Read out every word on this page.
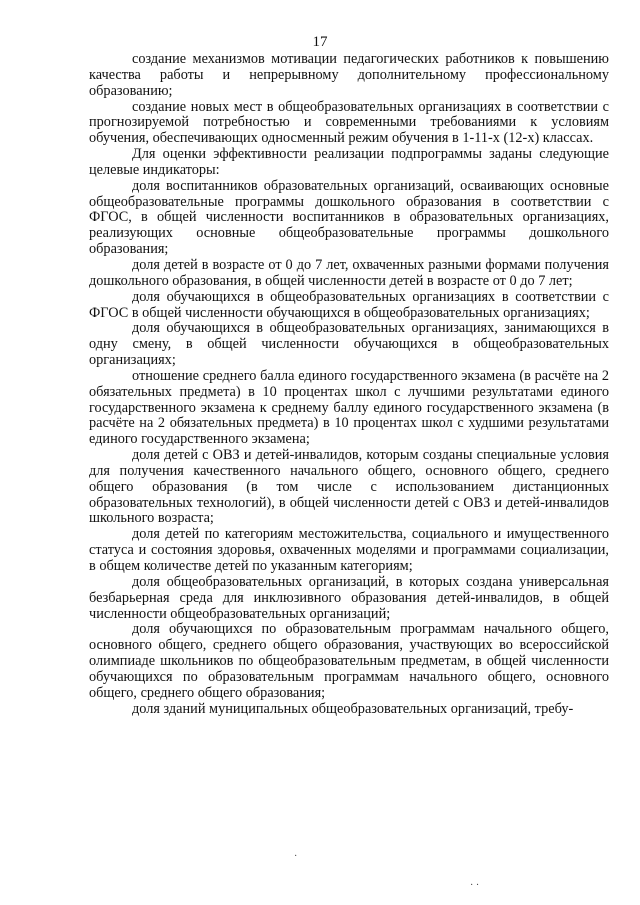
17

создание механизмов мотивации педагогических работников к повышению качества работы и непрерывному дополнительному профессиональному образованию;

создание новых мест в общеобразовательных организациях в соответствии с прогнозируемой потребностью и современными требованиями к условиям обучения, обеспечивающих односменный режим обучения в 1-11-х (12-х) классах.

Для оценки эффективности реализации подпрограммы заданы следующие целевые индикаторы:

доля воспитанников образовательных организаций, осваивающих основные общеобразовательные программы дошкольного образования в соответствии с ФГОС, в общей численности воспитанников в образовательных организациях, реализующих основные общеобразовательные программы дошкольного образования;

доля детей в возрасте от 0 до 7 лет, охваченных разными формами получения дошкольного образования, в общей численности детей в возрасте от 0 до 7 лет;

доля обучающихся в общеобразовательных организациях в соответствии с ФГОС в общей численности обучающихся в общеобразовательных организациях;

доля обучающихся в общеобразовательных организациях, занимающихся в одну смену, в общей численности обучающихся в общеобразовательных организациях;

отношение среднего балла единого государственного экзамена (в расчёте на 2 обязательных предмета) в 10 процентах школ с лучшими результатами единого государственного экзамена к среднему баллу единого государственного экзамена (в расчёте на 2 обязательных предмета) в 10 процентах школ с худшими результатами единого государственного экзамена;

доля детей с ОВЗ и детей-инвалидов, которым созданы специальные условия для получения качественного начального общего, основного общего, среднего общего образования (в том числе с использованием дистанционных образовательных технологий), в общей численности детей с ОВЗ и детей-инвалидов школьного возраста;

доля детей по категориям местожительства, социального и имущественного статуса и состояния здоровья, охваченных моделями и программами социализации, в общем количестве детей по указанным категориям;

доля общеобразовательных организаций, в которых создана универсальная безбарьерная среда для инклюзивного образования детей-инвалидов, в общей численности общеобразовательных организаций;

доля обучающихся по образовательным программам начального общего, основного общего, среднего общего образования, участвующих во всероссийской олимпиаде школьников по общеобразовательным предметам, в общей численности обучающихся по образовательным программам начального общего, основного общего, среднего общего образования;

доля зданий муниципальных общеобразовательных организаций, требу-

·
· ·
